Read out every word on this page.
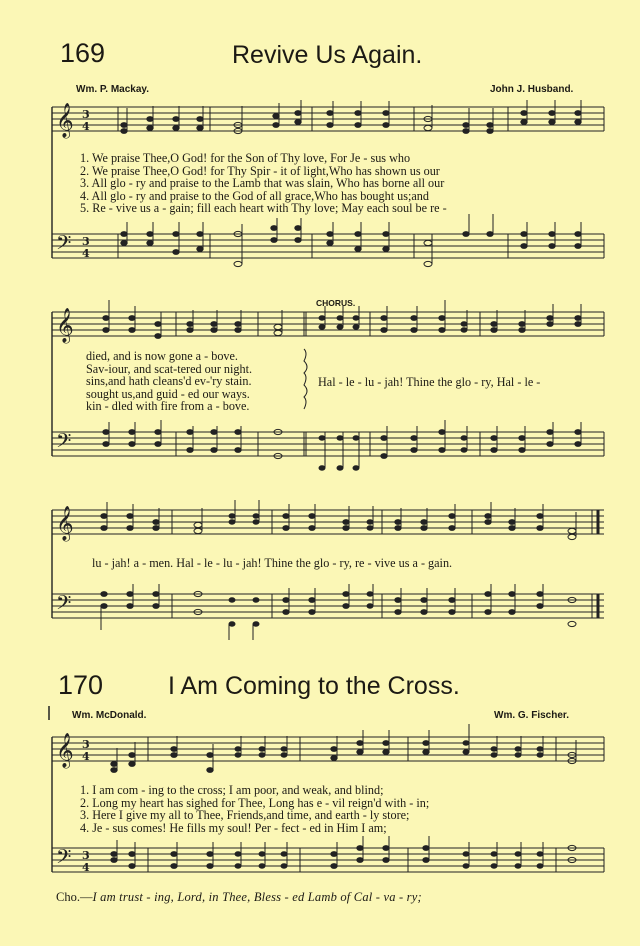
169	Revive Us Again.
Wm. P. Mackay.	John J. Husband.
𝄞 3
4
𝄢 3
4
𝄞
𝄢
𝄞
𝄢
𝄞 3
4
𝄢 3
4
1. We praise Thee,O God! for the Son of Thy love, For Je - sus who
2. We praise Thee,O God! for Thy Spir - it of light,Who has shown us our
3. All glo - ry and praise to the Lamb that was slain, Who has borne all our
4. All glo - ry and praise to the God of all grace,Who has bought us;and
5. Re - vive us a - gain; fill each heart with Thy love; May each soul be re -
died, and is now gone a - bove.
Sav-iour, and scat-tered our night.
sins,and hath cleans'd ev-'ry stain.
sought us,and guid - ed our ways.
kin - dled with fire from a - bove.
CHORUS.
Hal - le - lu - jah! Thine the glo - ry, Hal - le -
lu - jah! a - men. Hal - le - lu - jah! Thine the glo - ry, re - vive us a - gain.
170	I Am Coming to the Cross.
Wm. McDonald.	Wm. G. Fischer.
1. I am com - ing to the cross; I am poor, and weak, and blind;
2. Long my heart has sighed for Thee, Long has e - vil reign'd with - in;
3. Here I give my all to Thee, Friends,and time, and earth - ly store;
4. Je - sus comes! He fills my soul! Per - fect - ed in Him I am;
Cho.—I am trust - ing, Lord, in Thee, Bless - ed Lamb of Cal - va - ry;
